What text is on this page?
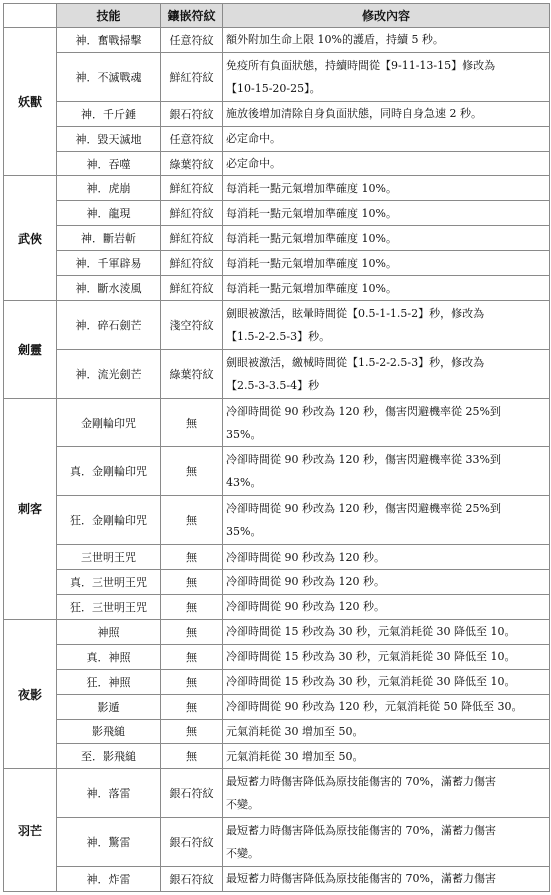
	技能	鑲嵌符紋	修改內容
妖獸	神．奮戰掃擊	任意符紋	額外附加生命上限 10%的護盾，持續 5 秒。

	神．不滅戰魂	鮮紅符紋	免疫所有負面狀態，持續時間從【9-11-13-15】修改為
【10-15-20-25】。

	神．千斤錘	銀石符紋	施放後增加清除自身負面狀態，同時自身急速 2 秒。

	神．毀天滅地	任意符紋	必定命中。

	神．吞噬	綠葉符紋	必定命中。

武俠	神．虎崩	鮮紅符紋	每消耗一點元氣增加準確度 10%。

	神．龍現	鮮紅符紋	每消耗一點元氣增加準確度 10%。

	神．斷岩斬	鮮紅符紋	每消耗一點元氣增加準確度 10%。

	神．千軍辟易	鮮紅符紋	每消耗一點元氣增加準確度 10%。

	神．斷水淩風	鮮紅符紋	每消耗一點元氣增加準確度 10%。

劍靈	神．碎石劍芒	淺空符紋	劍眼被激活，眩暈時間從【0.5-1-1.5-2】秒，修改為
【1.5-2-2.5-3】秒。

	神．流光劍芒	綠葉符紋	劍眼被激活，繳械時間從【1.5-2-2.5-3】秒，修改為
【2.5-3-3.5-4】秒

刺客	金剛輪印咒	無	冷卻時間從 90 秒改為 120 秒，傷害閃避機率從 25%到
35%。

	真．金剛輪印咒	無	冷卻時間從 90 秒改為 120 秒，傷害閃避機率從 33%到
43%。

	狂．金剛輪印咒	無	冷卻時間從 90 秒改為 120 秒，傷害閃避機率從 25%到
35%。

	三世明王咒	無	冷卻時間從 90 秒改為 120 秒。

	真．三世明王咒	無	冷卻時間從 90 秒改為 120 秒。

	狂．三世明王咒	無	冷卻時間從 90 秒改為 120 秒。

夜影	神照	無	冷卻時間從 15 秒改為 30 秒，元氣消耗從 30 降低至 10。

	真．神照	無	冷卻時間從 15 秒改為 30 秒，元氣消耗從 30 降低至 10。

	狂．神照	無	冷卻時間從 15 秒改為 30 秒，元氣消耗從 30 降低至 10。

	影遁	無	冷卻時間從 90 秒改為 120 秒，元氣消耗從 50 降低至 30。

	影飛縋	無	元氣消耗從 30 增加至 50。

	至．影飛縋	無	元氣消耗從 30 增加至 50。

羽芒	神．落雷	銀石符紋	最短蓄力時傷害降低為原技能傷害的 70%，滿蓄力傷害
不變。

	神．驚雷	銀石符紋	最短蓄力時傷害降低為原技能傷害的 70%，滿蓄力傷害
不變。

	神．炸雷	銀石符紋	最短蓄力時傷害降低為原技能傷害的 70%，滿蓄力傷害
